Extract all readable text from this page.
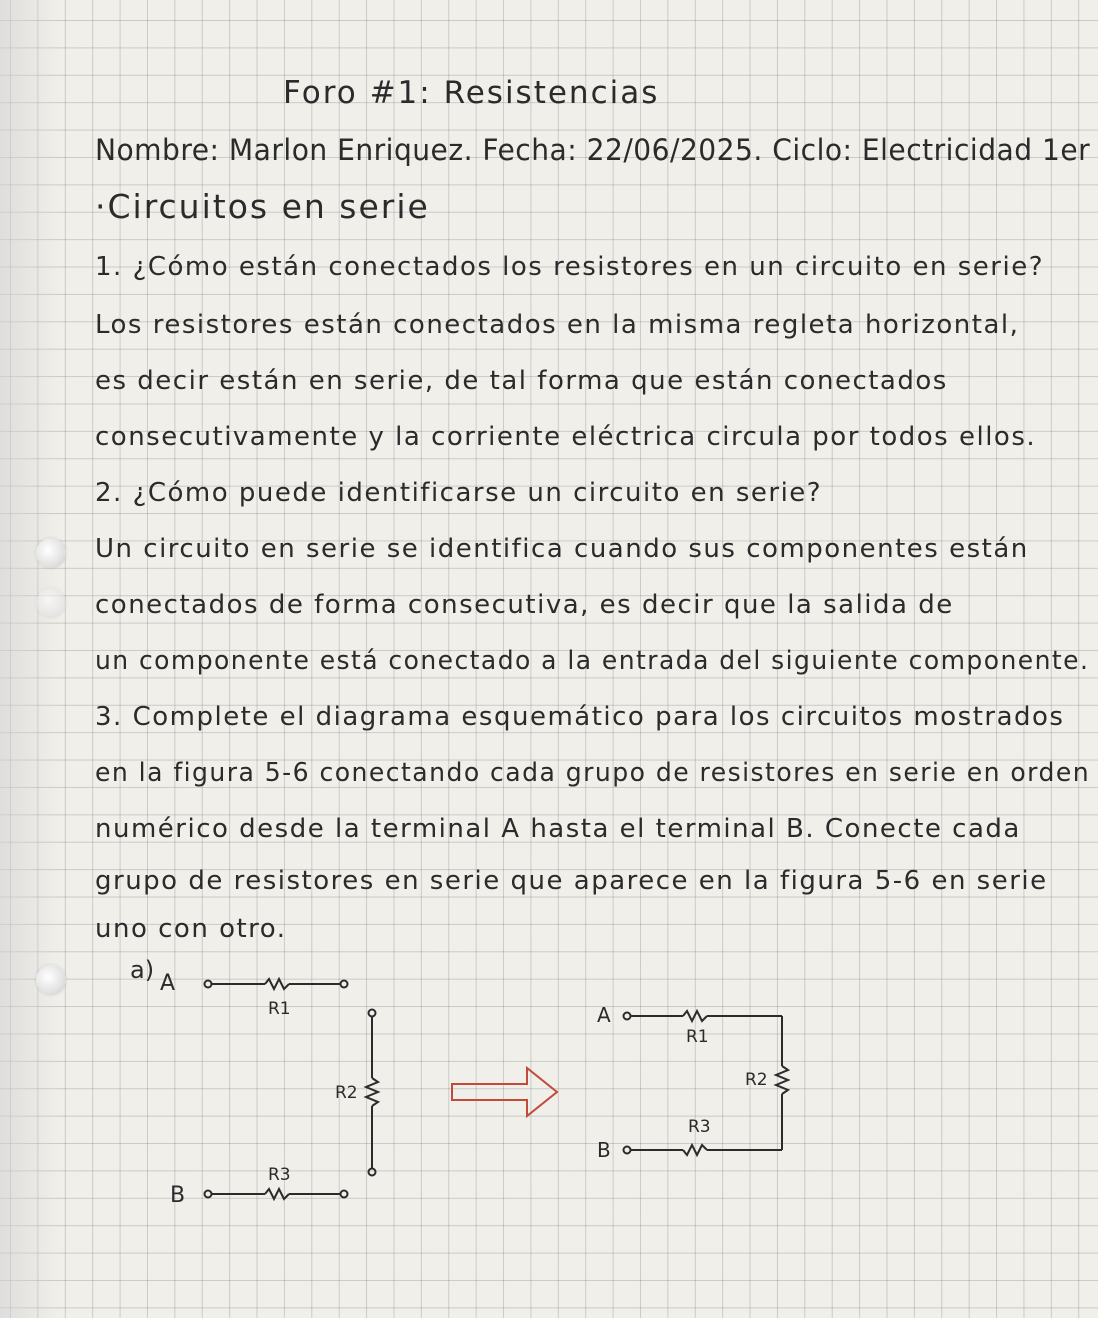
Foro #1: Resistencias
Nombre: Marlon Enriquez. Fecha: 22/06/2025. Ciclo: Electricidad 1er
·Circuitos en serie
1. ¿Cómo están conectados los resistores en un circuito en serie?
Los resistores están conectados en la misma regleta horizontal,
es decir están en serie, de tal forma que están conectados
consecutivamente y la corriente eléctrica circula por todos ellos.
2. ¿Cómo puede identificarse un circuito en serie?
Un circuito en serie se identifica cuando sus componentes están
conectados de forma consecutiva, es decir que la salida de
un componente está conectado a la entrada del siguiente componente.
3. Complete el diagrama esquemático para los circuitos mostrados
en la figura 5-6 conectando cada grupo de resistores en serie en orden
numérico desde la terminal A hasta el terminal B. Conecte cada
grupo de resistores en serie que aparece en la figura 5-6 en serie
uno con otro.
a) A
R1
R2
R3
B
A
R1
R2
R3
B
